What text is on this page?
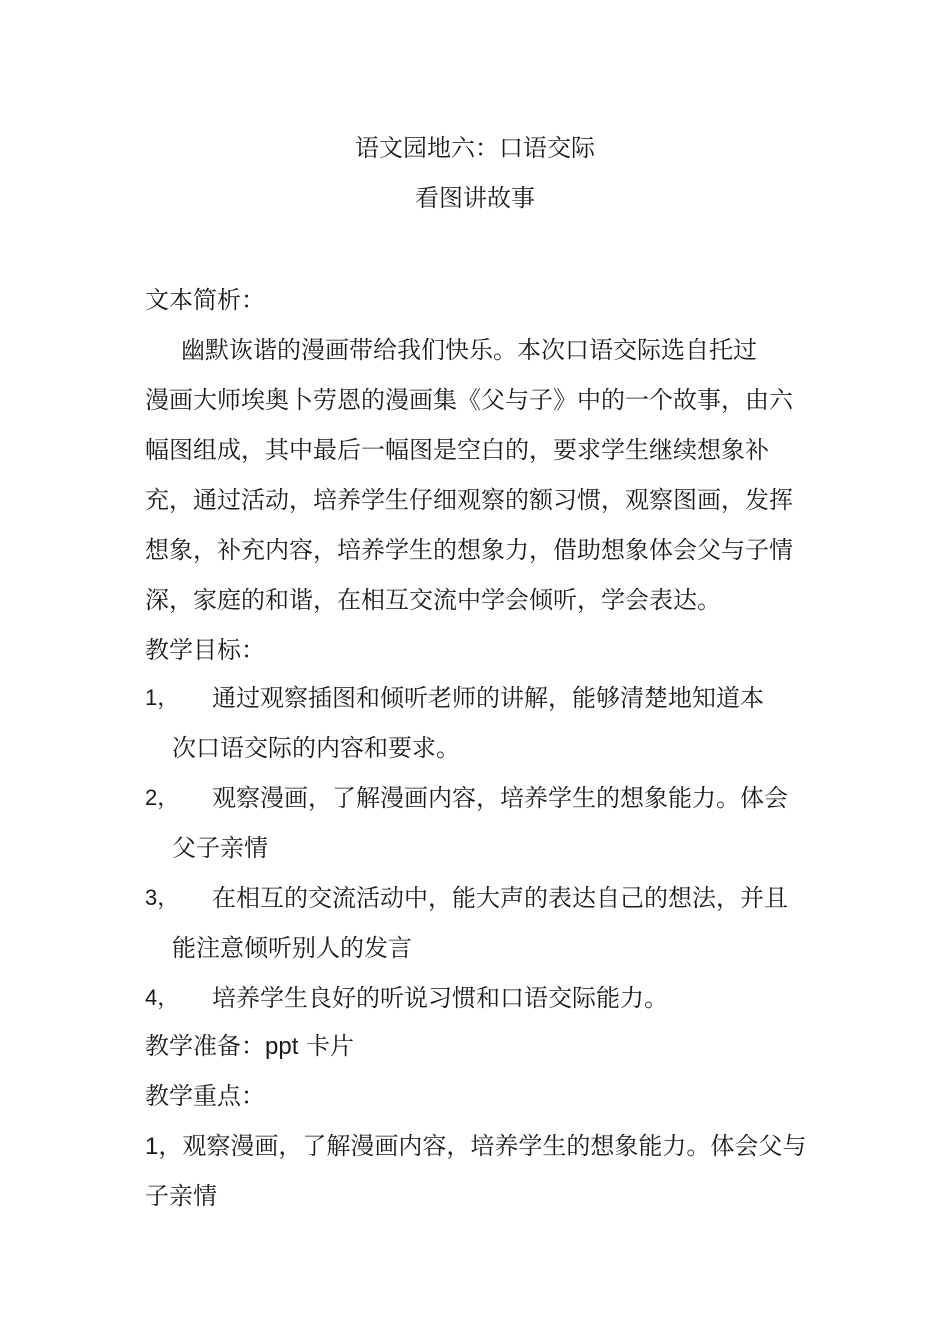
语文园地六：口语交际
看图讲故事
文本简析：
幽默诙谐的漫画带给我们快乐。本次口语交际选自托过
漫画大师埃奥卜劳恩的漫画集《父与子》中的一个故事，由六
幅图组成，其中最后一幅图是空白的，要求学生继续想象补
充，通过活动，培养学生仔细观察的额习惯，观察图画，发挥
想象，补充内容，培养学生的想象力，借助想象体会父与子情
深，家庭的和谐，在相互交流中学会倾听，学会表达。
教学目标：
1， 通过观察插图和倾听老师的讲解，能够清楚地知道本
次口语交际的内容和要求。
2， 观察漫画，了解漫画内容，培养学生的想象能力。体会
父子亲情
3， 在相互的交流活动中，能大声的表达自己的想法，并且
能注意倾听别人的发言
4， 培养学生良好的听说习惯和口语交际能力。
教学准备：ppt 卡片
教学重点：
1，观察漫画，了解漫画内容，培养学生的想象能力。体会父与
子亲情
